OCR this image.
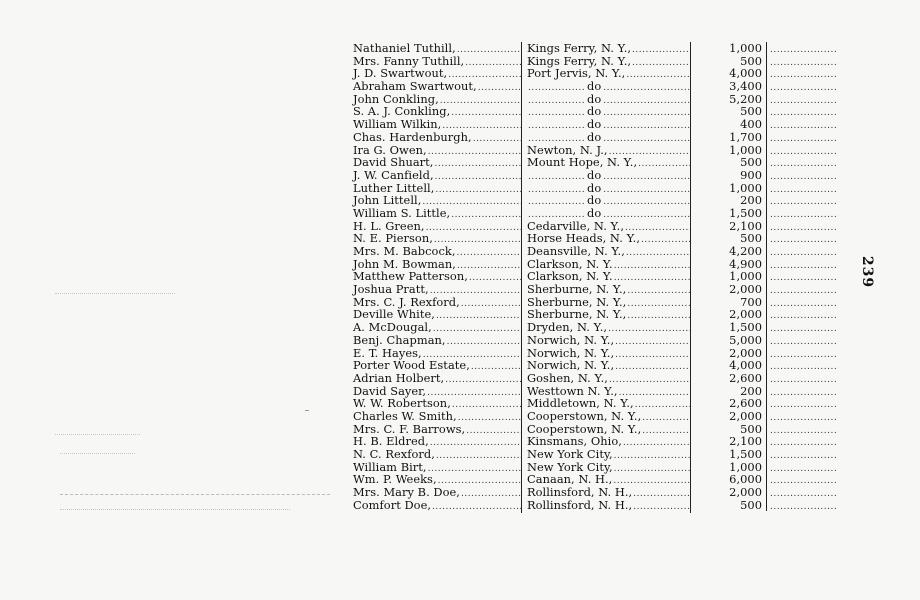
Nathaniel Tuthill, .....	Kings Ferry, N. Y., .....	1,000
.....
Mrs. Fanny Tuthill, .....	Kings Ferry, N. Y., .....	500
.....
J. D. Swartwout, .....	Port Jervis, N. Y., .....	4,000
.....
Abraham Swartwout, ..... .....	do .....	3,400
.....
John Conkling, ..... .....	do .....	5,200
.....
S. A. J. Conkling, ..... .....	do .....	500
.....
William Wilkin, ..... .....	do .....	400
.....
Chas. Hardenburgh, ..... .....	do .....	1,700
.....
Ira G. Owen, .....	Newton, N. J., .....	1,000
.....
David Shuart, .....	Mount Hope, N. Y., .....	500
.....
J. W. Canfield, ..... .....	do .....	900
.....
Luther Littell, ..... .....	do .....	1,000
.....
John Littell, ..... .....	do .....	200
.....
William S. Little, ..... .....	do .....	1,500
.....
H. L. Green, .....	Cedarville, N. Y., .....	2,100
.....
N. E. Pierson, .....	Horse Heads, N. Y., .....	500
.....
Mrs. M. Babcock, .....	Deansville, N. Y., .....	4,200
.....
John M. Bowman, .....	Clarkson, N. Y. .....	4,900
.....
Matthew Patterson, .....	Clarkson, N. Y. .....	1,000
.....
Joshua Pratt, .....	Sherburne, N. Y., .....	2,000
.....
Mrs. C. J. Rexford, .....	Sherburne, N. Y., .....	700
.....
Deville White, .....	Sherburne, N. Y., .....	2,000
.....
A. McDougal, .....	Dryden, N. Y., .....	1,500
.....
Benj. Chapman, .....	Norwich, N. Y., .....	5,000
.....
E. T. Hayes, .....	Norwich, N. Y., .....	2,000
.....
Porter Wood Estate, .....	Norwich, N. Y., .....	4,000
.....
Adrian Holbert, .....	Goshen, N. Y., .....	2,600
.....
David Sayer, .....	Westtown N. Y., .....	200
.....
W. W. Robertson, .....	Middletown, N. Y., .....	2,600
.....
Charles W. Smith, .....	Cooperstown, N. Y., .....	2,000
.....
Mrs. C. F. Barrows, .....	Cooperstown, N. Y., .....	500
.....
H. B. Eldred, .....	Kinsmans, Ohio, .....	2,100
.....
N. C. Rexford, .....	New York City, .....	1,500
.....
William Birt, .....	New York City, .....	1,000
.....
Wm. P. Weeks, .....	Canaan, N. H., .....	6,000
.....
Mrs. Mary B. Doe, .....	Rollinsford, N. H., .....	2,000
.....
Comfort Doe, .....	Rollinsford, N. H., .....	500
.....
239
